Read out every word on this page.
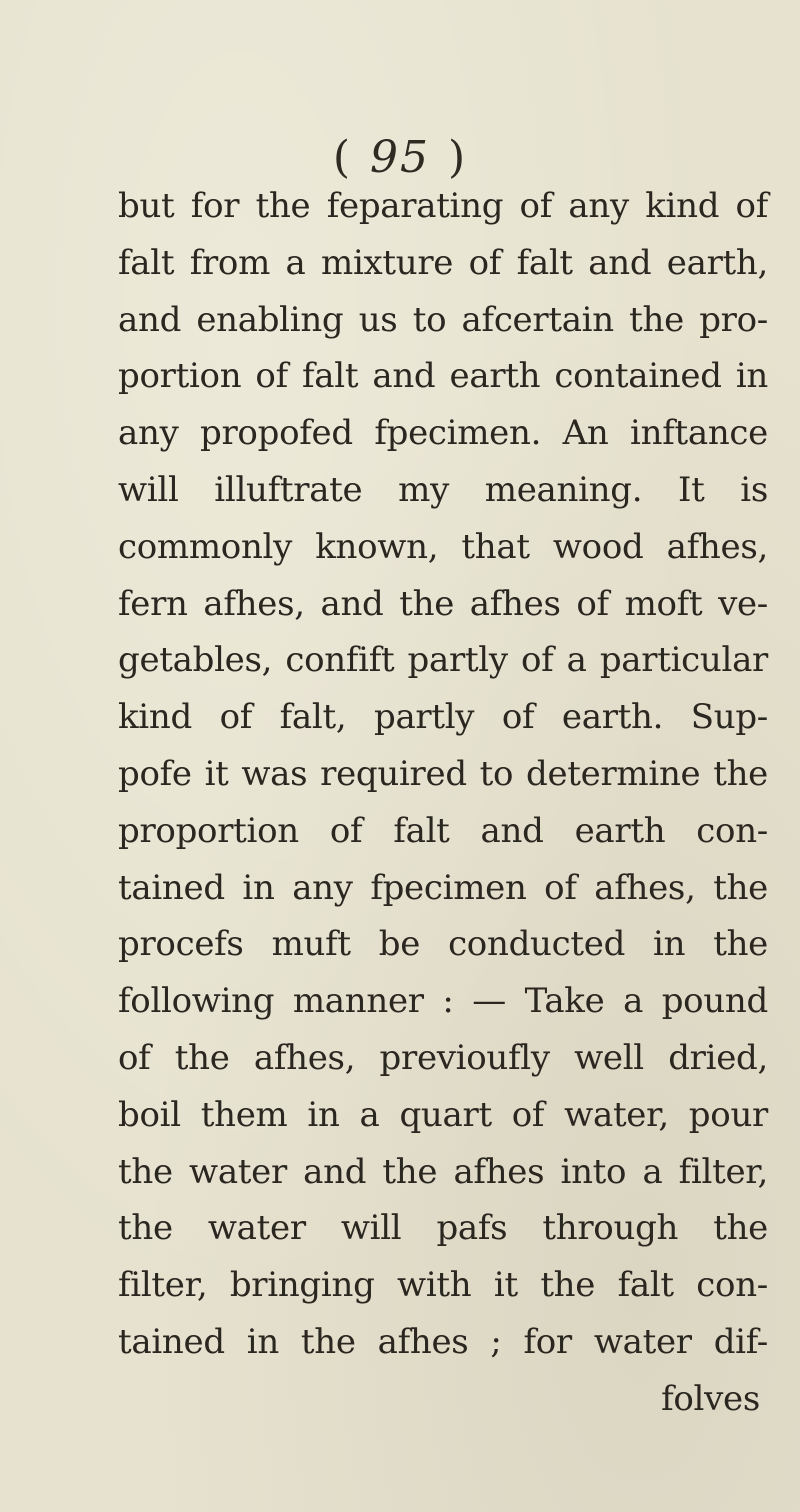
( 95 )
but for the feparating of any kind of
falt from a mixture of falt and earth,
and enabling us to afcertain the pro-
portion of falt and earth contained in
any propofed fpecimen. An inftance
will illuftrate my meaning. It is
commonly known, that wood afhes,
fern afhes, and the afhes of moft ve-
getables, confift partly of a particular
kind of falt, partly of earth. Sup-
pofe it was required to determine the
proportion of falt and earth con-
tained in any fpecimen of afhes, the
procefs muft be conducted in the
following manner : — Take a pound
of the afhes, previoufly well dried,
boil them in a quart of water, pour
the water and the afhes into a filter,
the water will pafs through the
filter, bringing with it the falt con-
tained in the afhes ; for water dif-
folves
